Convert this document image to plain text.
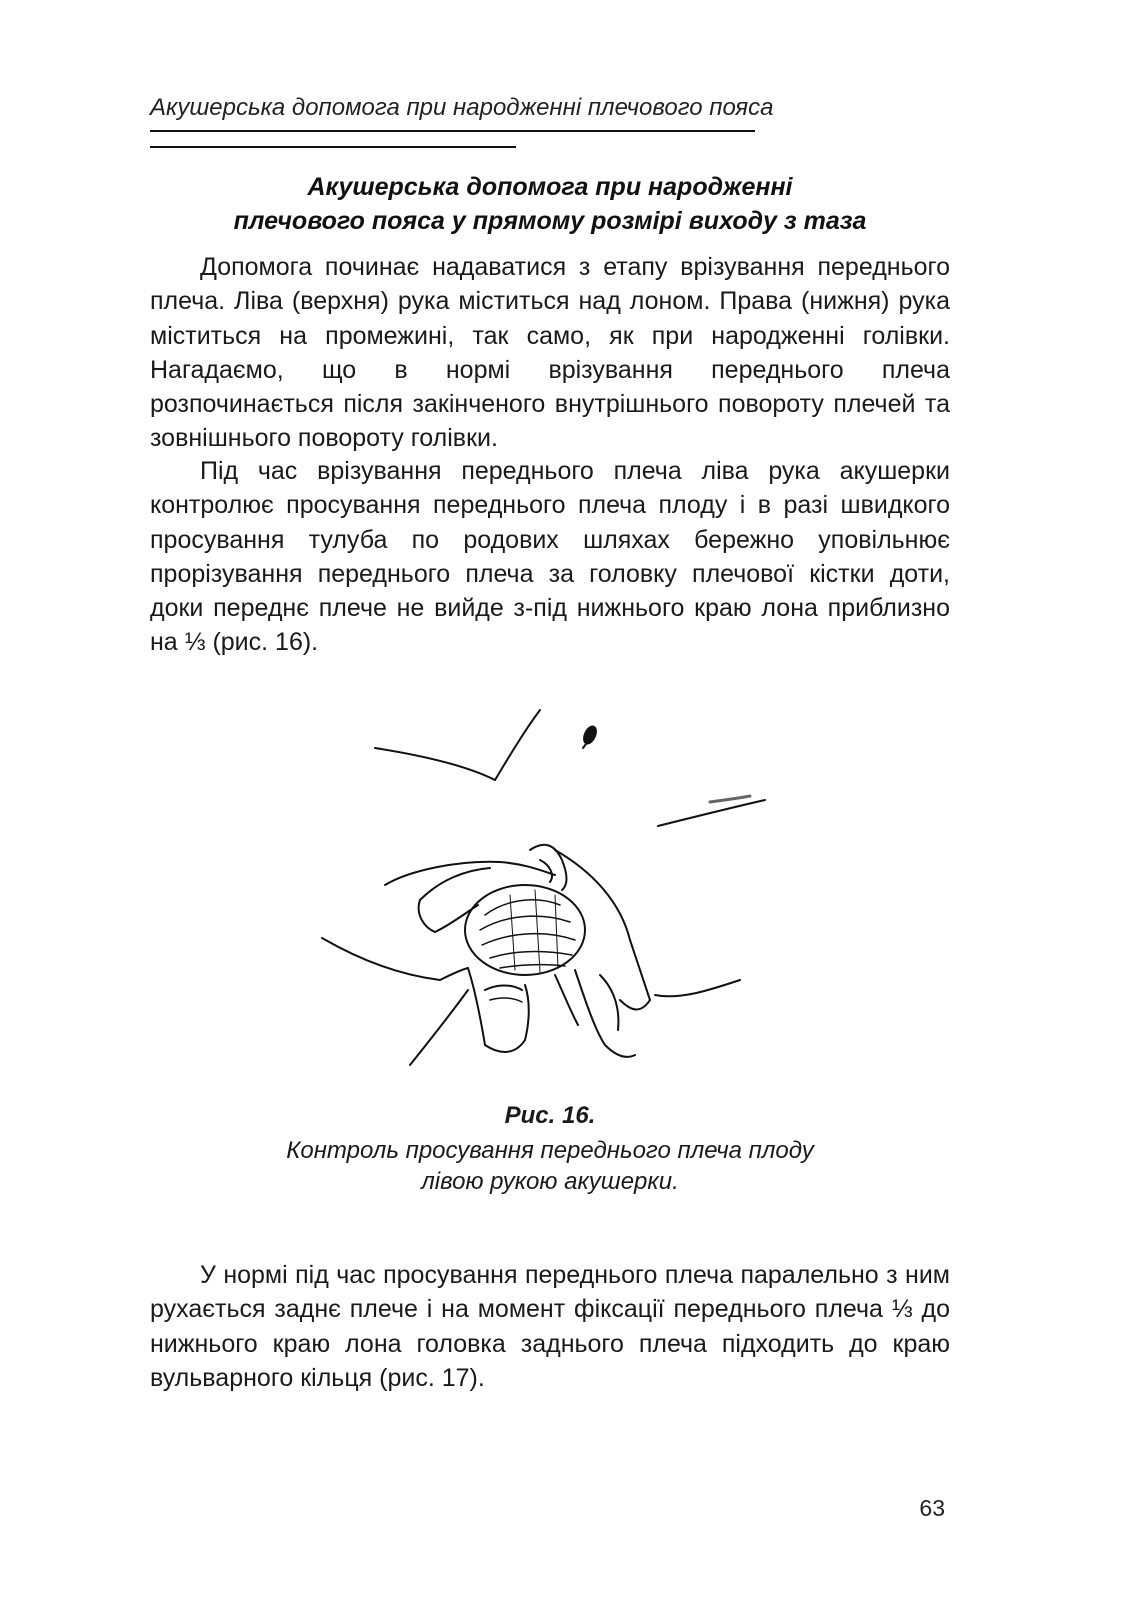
Акушерська допомога при народженні плечового пояса
Акушерська допомога при народженні
плечового пояса у прямому розмірі виходу з таза

Допомога починає надаватися з етапу врізування переднього плеча. Ліва (верхня) рука міститься над лоном. Права (нижня) рука міститься на промежині, так само, як при народженні голівки. Нагадаємо, що в нормі врізування переднього плеча розпочинається після закінченого внутрішнього повороту плечей та зовнішнього повороту голівки.

Під час врізування переднього плеча ліва рука акушерки контролює просування переднього плеча плоду і в разі швидкого просування тулуба по родових шляхах бережно уповільнює прорізування переднього плеча за головку плечової кістки доти, доки переднє плече не вийде з-під нижнього краю лона приблизно на ⅓ (рис. 16).

Рис. 16.
Контроль просування переднього плеча плоду
лівою рукою акушерки.

У нормі під час просування переднього плеча паралельно з ним рухається заднє плече і на момент фіксації переднього плеча ⅓ до нижнього краю лона головка заднього плеча підходить до краю вульварного кільця (рис. 17).

63
